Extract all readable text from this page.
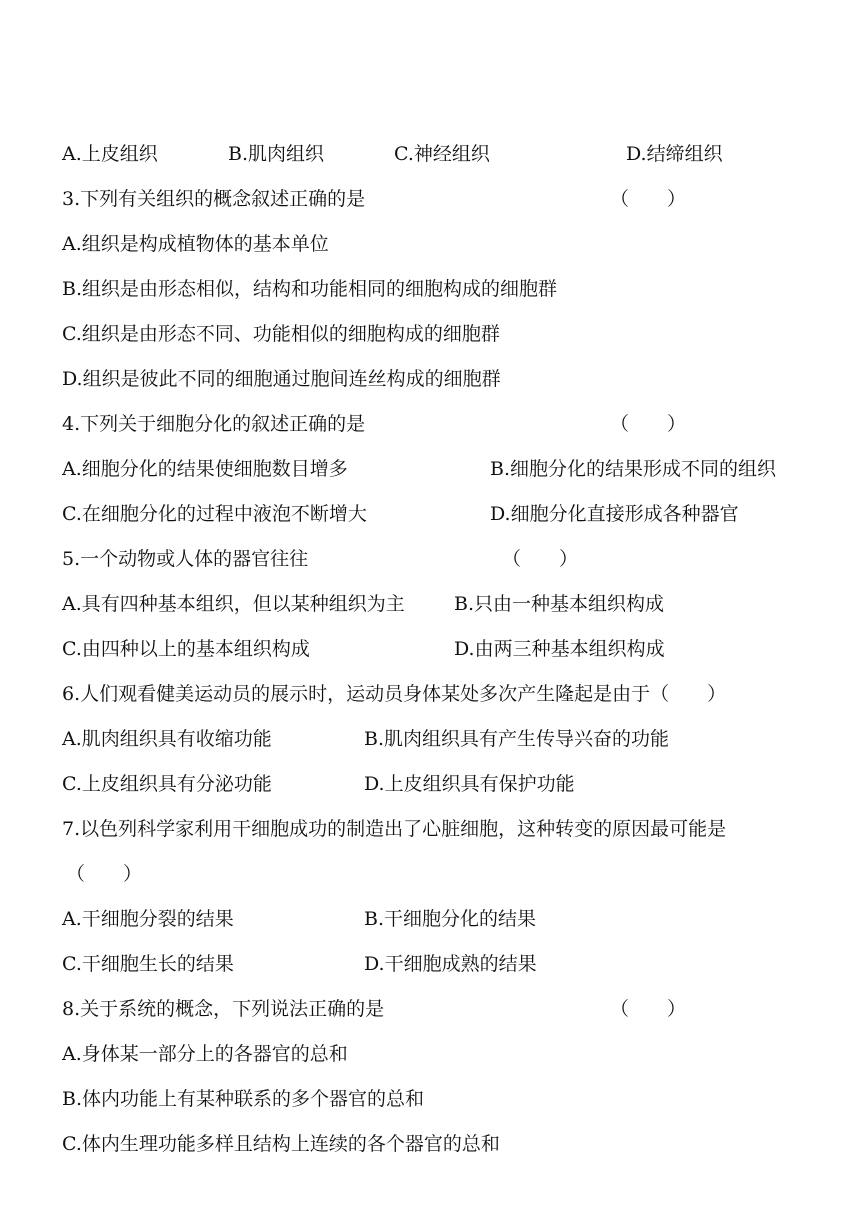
A.上皮组织	B.肌肉组织	C.神经组织	D.结缔组织
3.下列有关组织的概念叙述正确的是	（　　）
A.组织是构成植物体的基本单位
B.组织是由形态相似，结构和功能相同的细胞构成的细胞群
C.组织是由形态不同、功能相似的细胞构成的细胞群
D.组织是彼此不同的细胞通过胞间连丝构成的细胞群
4.下列关于细胞分化的叙述正确的是	（　　）
A.细胞分化的结果使细胞数目增多	B.细胞分化的结果形成不同的组织
C.在细胞分化的过程中液泡不断增大	D.细胞分化直接形成各种器官
5.一个动物或人体的器官往往	（　　）
A.具有四种基本组织，但以某种组织为主	B.只由一种基本组织构成
C.由四种以上的基本组织构成	D.由两三种基本组织构成
6.人们观看健美运动员的展示时，运动员身体某处多次产生隆起是由于（　　）
A.肌肉组织具有收缩功能	B.肌肉组织具有产生传导兴奋的功能
C.上皮组织具有分泌功能	D.上皮组织具有保护功能
7.以色列科学家利用干细胞成功的制造出了心脏细胞，这种转变的原因最可能是
（　　）
A.干细胞分裂的结果	B.干细胞分化的结果
C.干细胞生长的结果	D.干细胞成熟的结果
8.关于系统的概念，下列说法正确的是	（　　）
A.身体某一部分上的各器官的总和
B.体内功能上有某种联系的多个器官的总和
C.体内生理功能多样且结构上连续的各个器官的总和
